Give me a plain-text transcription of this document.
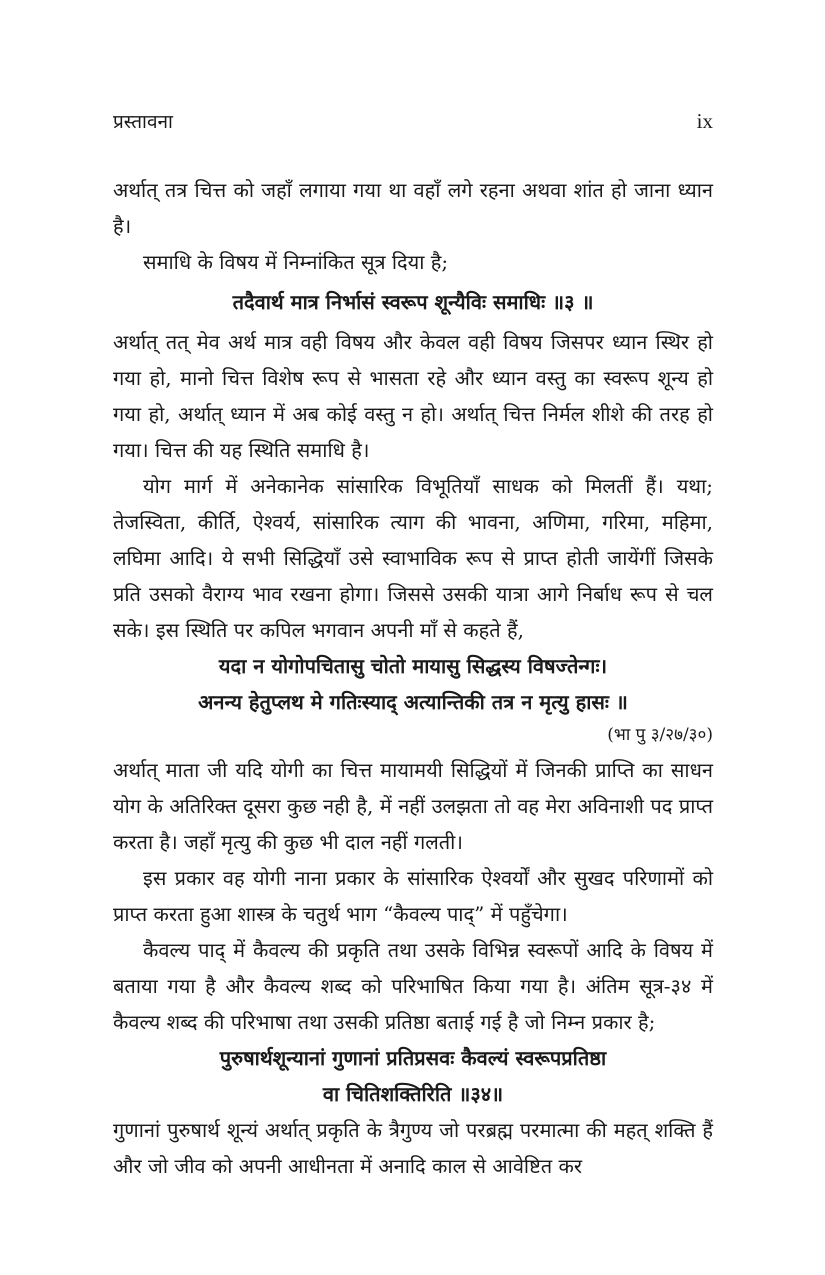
प्रस्तावना	ix

अर्थात् तत्र चित्त को जहाँ लगाया गया था वहाँ लगे रहना अथवा शांत हो जाना ध्यान है।

समाधि के विषय में निम्नांकित सूत्र दिया है;

तदैवार्थ मात्र निर्भासं स्वरूप शून्यैविः समाधिः ॥३ ॥

अर्थात् तत् मेव अर्थ मात्र वही विषय और केवल वही विषय जिसपर ध्यान स्थिर हो गया हो, मानो चित्त विशेष रूप से भासता रहे और ध्यान वस्तु का स्वरूप शून्य हो गया हो, अर्थात् ध्यान में अब कोई वस्तु न हो। अर्थात् चित्त निर्मल शीशे की तरह हो गया। चित्त की यह स्थिति समाधि है।

योग मार्ग में अनेकानेक सांसारिक विभूतियाँ साधक को मिलतीं हैं। यथा; तेजस्विता, कीर्ति, ऐश्वर्य, सांसारिक त्याग की भावना, अणिमा, गरिमा, महिमा, लघिमा आदि। ये सभी सिद्धियाँ उसे स्वाभाविक रूप से प्राप्त होती जायेंगीं जिसके प्रति उसको वैराग्य भाव रखना होगा। जिससे उसकी यात्रा आगे निर्बाध रूप से चल सके। इस स्थिति पर कपिल भगवान अपनी माँ से कहते हैं,

यदा न योगोपचितासु चोतो मायासु सिद्धस्य विषज्तेन्गः।
अनन्य हेतुप्लथ मे गतिःस्याद् अत्यान्तिकी तत्र न मृत्यु हासः ॥
(भा पु ३/२७/३०)

अर्थात् माता जी यदि योगी का चित्त मायामयी सिद्धियों में जिनकी प्राप्ति का साधन योग के अतिरिक्त दूसरा कुछ नही है, में नहीं उलझता तो वह मेरा अविनाशी पद प्राप्त करता है। जहाँ मृत्यु की कुछ भी दाल नहीं गलती।

इस प्रकार वह योगी नाना प्रकार के सांसारिक ऐश्वर्यों और सुखद परिणामों को प्राप्त करता हुआ शास्त्र के चतुर्थ भाग “कैवल्य पाद्” में पहुँचेगा।

कैवल्य पाद् में कैवल्य की प्रकृति तथा उसके विभिन्न स्वरूपों आदि के विषय में बताया गया है और कैवल्य शब्द को परिभाषित किया गया है। अंतिम सूत्र-३४ में कैवल्य शब्द की परिभाषा तथा उसकी प्रतिष्ठा बताई गई है जो निम्न प्रकार है;

पुरुषार्थशून्यानां गुणानां प्रतिप्रसवः कैवल्यं स्वरूपप्रतिष्ठा
वा चितिशक्तिरिति ॥३४॥

गुणानां पुरुषार्थ शून्यं अर्थात् प्रकृति के त्रैगुण्य जो परब्रह्म परमात्मा की महत् शक्ति हैं और जो जीव को अपनी आधीनता में अनादि काल से आवेष्टित कर
